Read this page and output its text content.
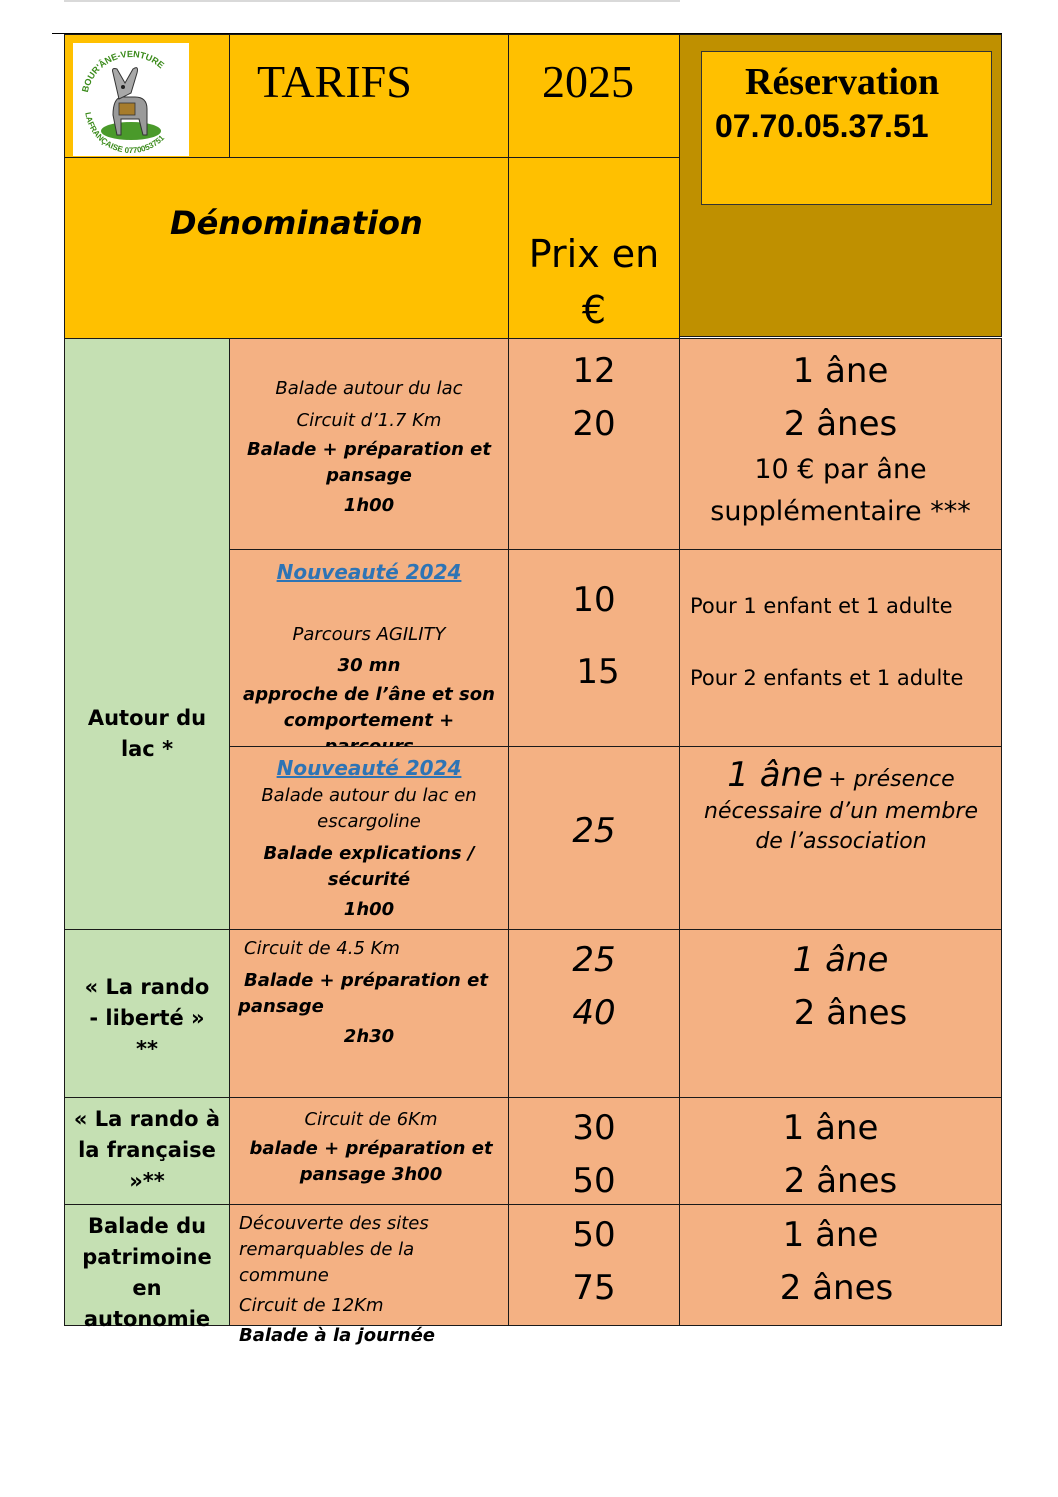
BOUR'ÂNE-VENTURE
LAFRANÇAISE 0770053751
TARIFS	2025	Réservation
07.70.05.37.51
Dénomination
Prix en
€
Autour du lac *
Balade autour du lac
Circuit d’1.7 Km
Balade + préparation et pansage
1h00
12
20
1 âne
2 ânes
10 € par âne
supplémentaire ***
Nouveauté 2024
Parcours AGILITY
30 mn
approche de l’âne et son comportement +
10
15
Pour 1 enfant et 1 adulte
Pour 2 enfants et 1 adulte
Nouveauté 2024
Balade autour du lac en escargoline
Balade explications / sécurité
1h00
25
1 âne + présence
nécessaire d’un membre de l’association
« La rando - liberté » **
Circuit de 4.5 Km
Balade + préparation et pansage
2h30
25
40
1 âne
2 ânes
« La rando à la française »**
Circuit de 6Km
balade + préparation et pansage 3h00
30
50
1 âne
2 ânes
Balade du patrimoine en autonomie
Découverte des sites remarquables de la commune
Circuit de 12Km
Balade à la journée
50
75
1 âne
2 ânes
